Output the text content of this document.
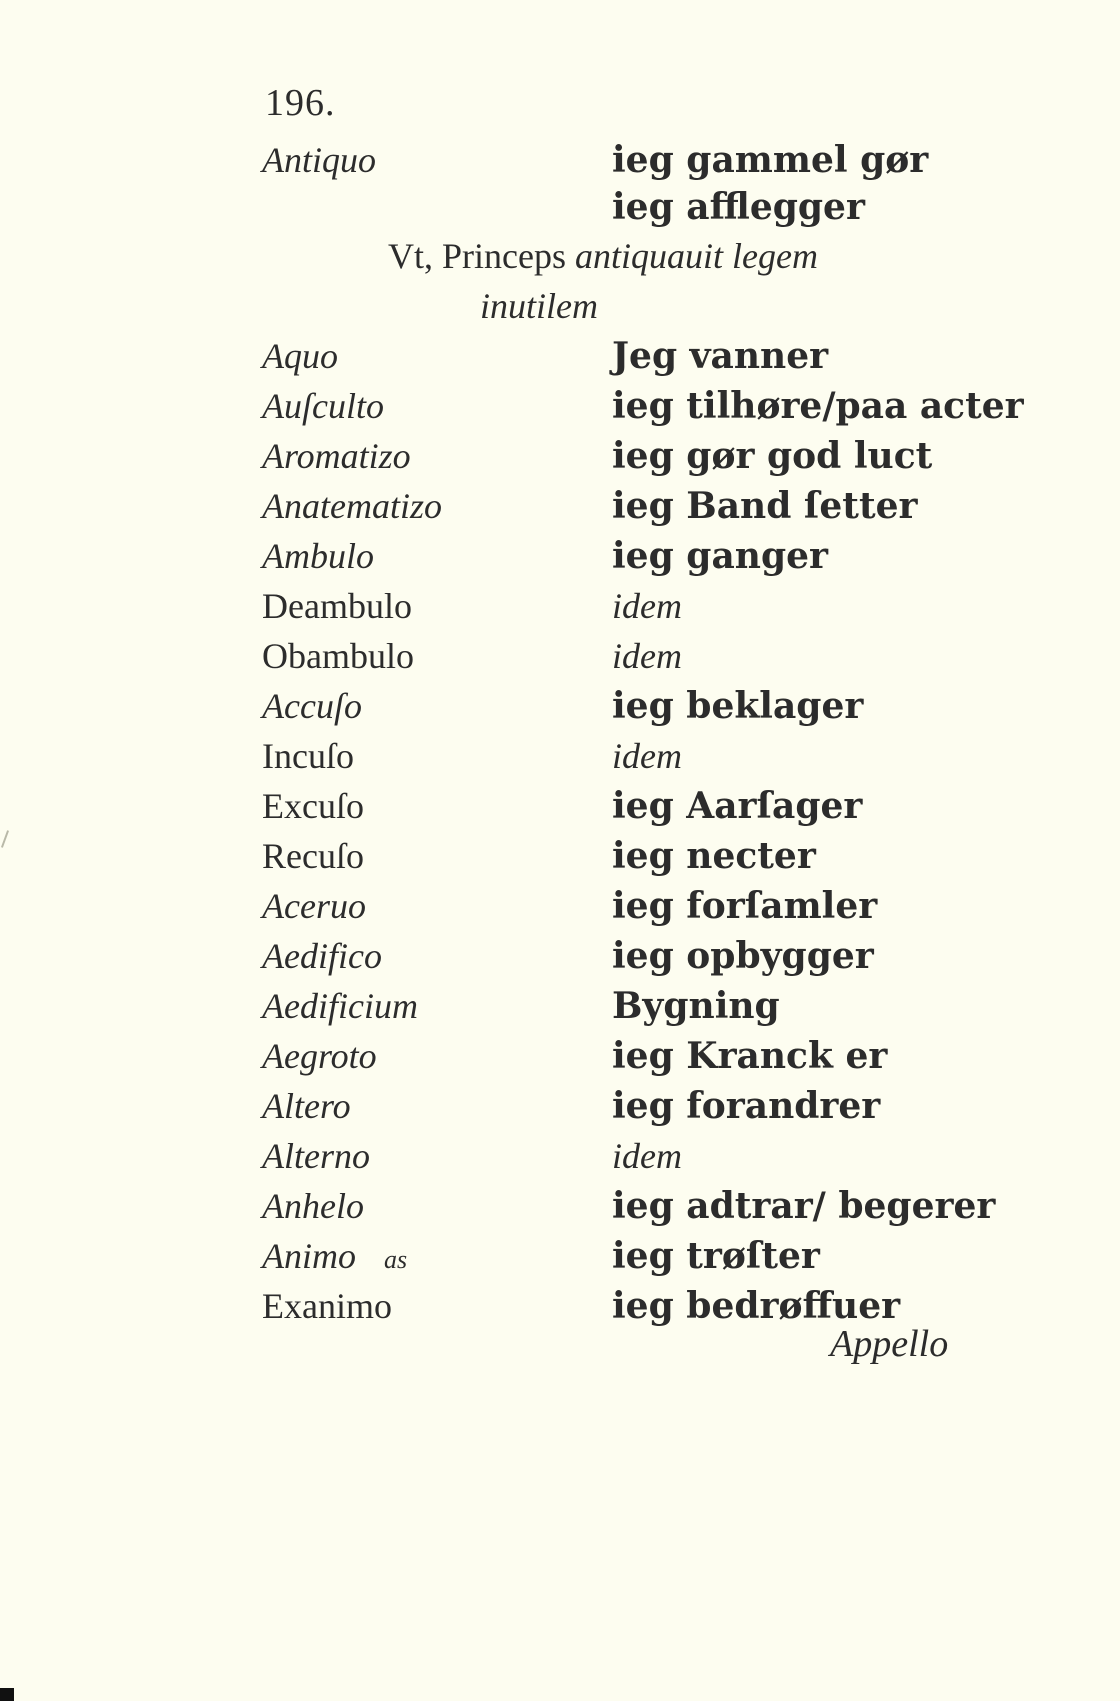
196.
Antiquo	ieg gammel gør
ieg afflegger
Vt, Princeps antiquauit legem
inutilem
Aquo	Jeg vanner
Auſculto	ieg tilhøre/paa acter
Aromatizo	ieg gør god luct
Anatematizo	ieg Band ſetter
Ambulo	ieg ganger
Deambulo	idem
Obambulo	idem
Accuſo	ieg beklager
Incuſo	idem
Excuſo	ieg Aarſager
Recuſo	ieg necter
Aceruo	ieg forſamler
Aedifico	ieg opbygger
Aedificium	Bygning
Aegroto	ieg Kranck er
Altero	ieg forandrer
Alterno	idem
Anhelo	ieg adtrar/ begerer
Animo as	ieg trøſter
Exanimo	ieg bedrøffuer
Appello
